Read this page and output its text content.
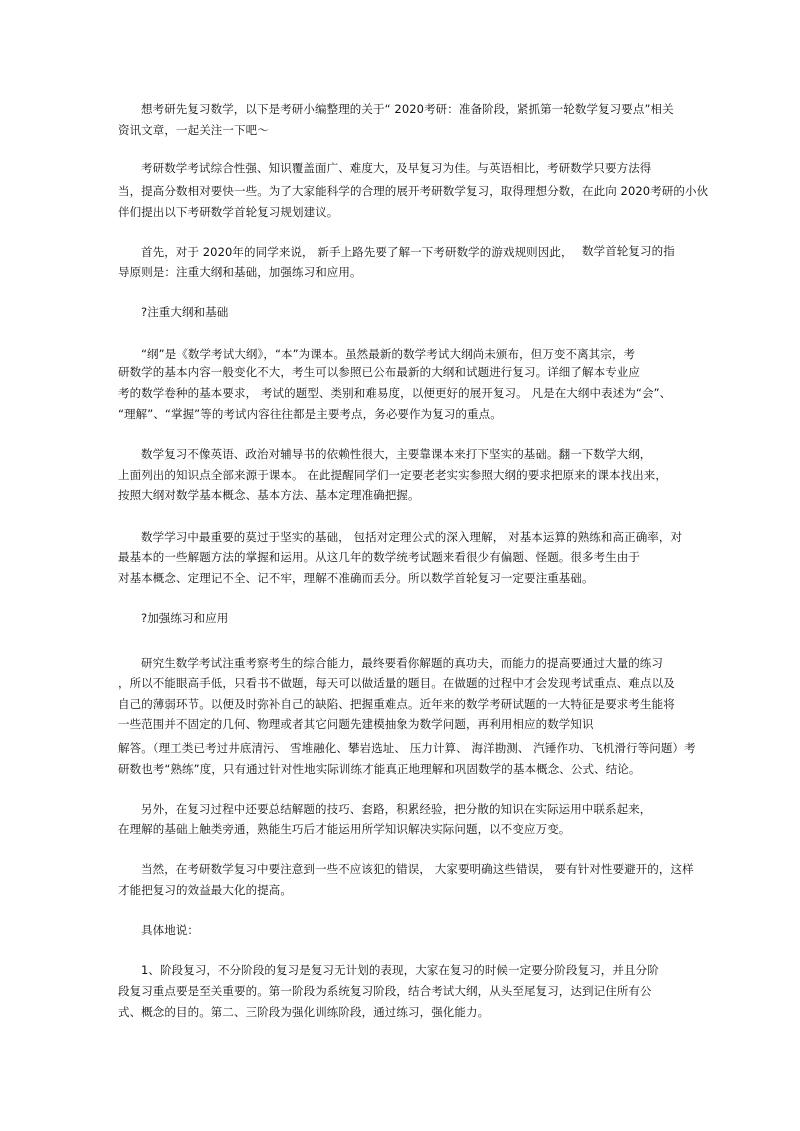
想考研先复习数学，以下是考研小编整理的关于“ 2020考研：准备阶段，紧抓第一轮数学复习要点”相关
资讯文章，一起关注一下吧～
考研数学考试综合性强、知识覆盖面广、难度大，及早复习为佳。与英语相比，考研数学只要方法得
当，提高分数相对要快一些。为了大家能科学的合理的展开考研数学复习，取得理想分数，在此向 2020考研的小伙
伴们提出以下考研数学首轮复习规划建议。
首先，对于 2020年的同学来说， 新手上路先要了解一下考研数学的游戏规则因此， 数学首轮复习的指
导原则是：注重大纲和基础，加强练习和应用。
?注重大纲和基础
“纲”是《数学考试大纲》，“本”为课本。虽然最新的数学考试大纲尚未颁布，但万变不离其宗，考
研数学的基本内容一般变化不大，考生可以参照已公布最新的大纲和试题进行复习。详细了解本专业应
考的数学卷种的基本要求， 考试的题型、类别和难易度，以便更好的展开复习。 凡是在大纲中表述为“会”、
“理解”、“掌握”等的考试内容往往都是主要考点，务必要作为复习的重点。
数学复习不像英语、政治对辅导书的依赖性很大，主要靠课本来打下坚实的基础。翻一下数学大纲，
上面列出的知识点全部来源于课本。 在此提醒同学们一定要老老实实参照大纲的要求把原来的课本找出来，
按照大纲对数学基本概念、基本方法、基本定理准确把握。
数学学习中最重要的莫过于坚实的基础， 包括对定理公式的深入理解， 对基本运算的熟练和高正确率，对
最基本的一些解题方法的掌握和运用。从这几年的数学统考试题来看很少有偏题、怪题。很多考生由于
对基本概念、定理记不全、记不牢，理解不准确而丢分。所以数学首轮复习一定要注重基础。
?加强练习和应用
研究生数学考试注重考察考生的综合能力，最终要看你解题的真功夫，而能力的提高要通过大量的练习
，所以不能眼高手低，只看书不做题，每天可以做适量的题目。在做题的过程中才会发现考试重点、难点以及
自己的薄弱环节。以便及时弥补自己的缺陷、把握重难点。近年来的数学考研试题的一大特征是要求考生能将
一些范围并不固定的几何、物理或者其它问题先建模抽象为数学问题，再利用相应的数学知识
解答。（理工类已考过井底清污、 雪堆融化、攀岩选址、 压力计算、 海洋勘测、 汽锤作功、飞机滑行等问题）考
研数也考“熟练”度，只有通过针对性地实际训练才能真正地理解和巩固数学的基本概念、公式、结论。
另外，在复习过程中还要总结解题的技巧、套路，积累经验，把分散的知识在实际运用中联系起来，
在理解的基础上触类旁通，熟能生巧后才能运用所学知识解决实际问题，以不变应万变。
当然，在考研数学复习中要注意到一些不应该犯的错误， 大家要明确这些错误， 要有针对性要避开的，这样
才能把复习的效益最大化的提高。
具体地说：
1、阶段复习，不分阶段的复习是复习无计划的表现，大家在复习的时候一定要分阶段复习，并且分阶
段复习重点要是至关重要的。第一阶段为系统复习阶段，结合考试大纲，从头至尾复习，达到记住所有公
式、概念的目的。第二、三阶段为强化训练阶段，通过练习，强化能力。
